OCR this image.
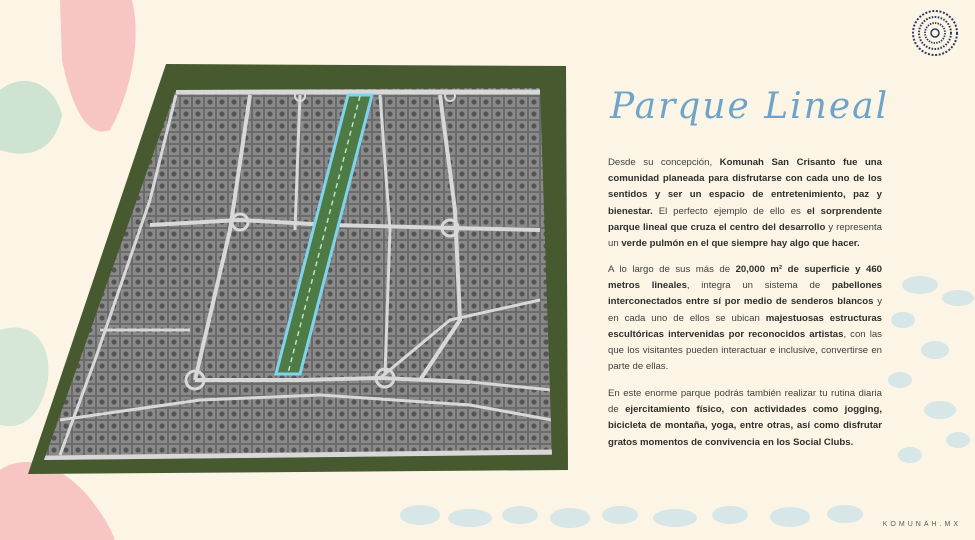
Parque Lineal

Desde su concepción, Komunah San Crisanto fue una comunidad planeada para disfrutarse con cada uno de los sentidos y ser un espacio de entretenimiento, paz y bienestar. El perfecto ejemplo de ello es el sorprendente parque lineal que cruza el centro del desarrollo y representa un verde pulmón en el que siempre hay algo que hacer.

A lo largo de sus más de 20,000 m² de superficie y 460 metros lineales, integra un sistema de pabellones interconectados entre sí por medio de senderos blancos y en cada uno de ellos se ubican majestuosas estructuras escultóricas intervenidas por reconocidos artistas, con las que los visitantes pueden interactuar e inclusive, convertirse en parte de ellas.

En este enorme parque podrás también realizar tu rutina diaria de ejercitamiento físico, con actividades como jogging, bicicleta de montaña, yoga, entre otras, así como disfrutar gratos momentos de convivencia en los Social Clubs.

KOMUNAH.MX
